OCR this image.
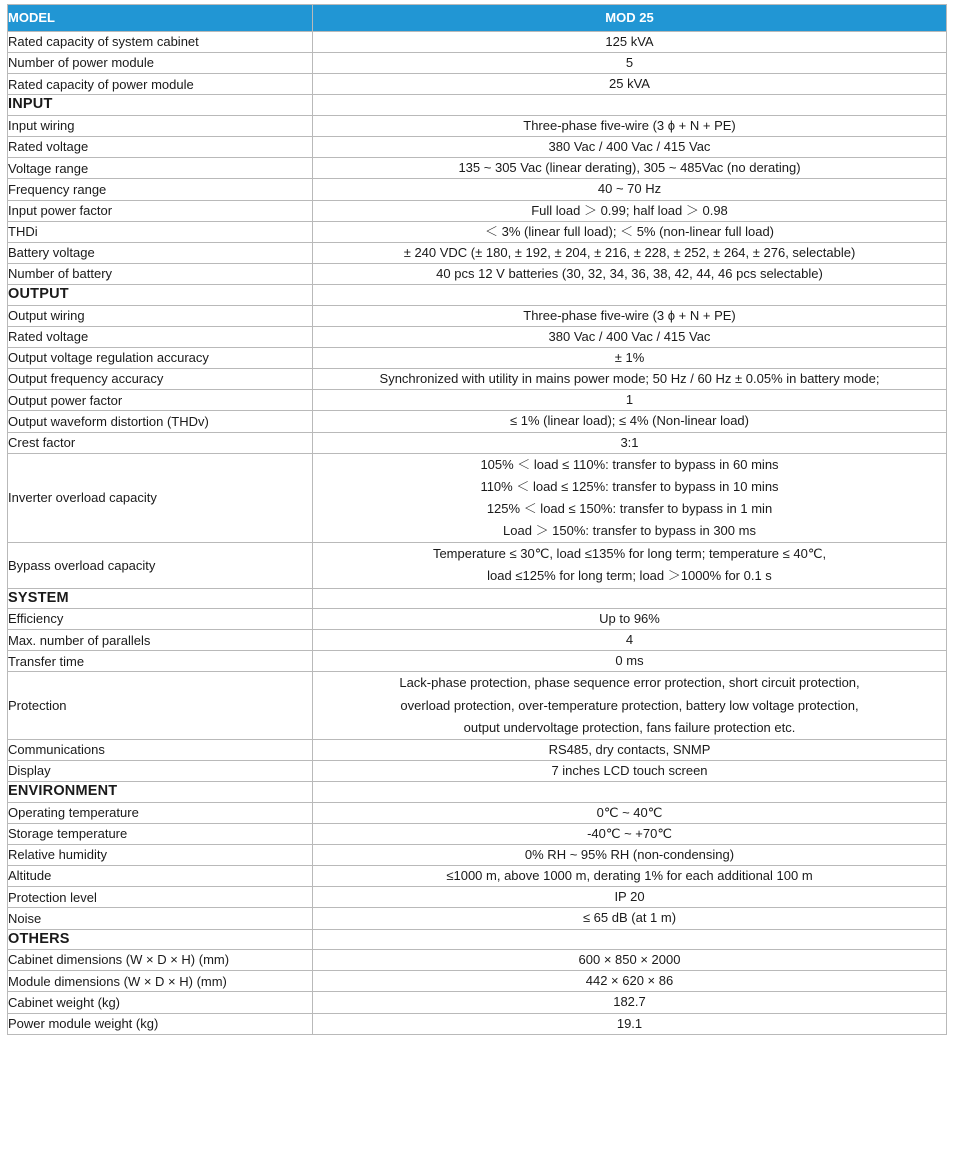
MODEL	MOD 25
Rated capacity of system cabinet	125 kVA
Number of power module	5
Rated capacity of power module	25 kVA
INPUT	
Input wiring	Three-phase five-wire (3 ϕ + N + PE)
Rated voltage	380 Vac / 400 Vac / 415 Vac
Voltage range	135 ~ 305 Vac (linear derating), 305 ~ 485Vac (no derating)
Frequency range	40 ~ 70 Hz
Input power factor	Full load ＞ 0.99; half load ＞ 0.98
THDi	＜ 3% (linear full load); ＜ 5% (non-linear full load)
Battery voltage	± 240 VDC (± 180, ± 192, ± 204, ± 216, ± 228, ± 252, ± 264, ± 276, selectable)
Number of battery	40 pcs 12 V batteries (30, 32, 34, 36, 38, 42, 44, 46 pcs selectable)
OUTPUT	
Output wiring	Three-phase five-wire (3 ϕ + N + PE)
Rated voltage	380 Vac / 400 Vac / 415 Vac
Output voltage regulation accuracy	± 1%
Output frequency accuracy	Synchronized with utility in mains power mode; 50 Hz / 60 Hz ± 0.05% in battery mode;
Output power factor	1
Output waveform distortion (THDv)	≤ 1% (linear load); ≤ 4% (Non-linear load)
Crest factor	3:1
Inverter overload capacity	105% ＜ load ≤ 110%: transfer to bypass in 60 mins
110% ＜ load ≤ 125%: transfer to bypass in 10 mins
125% ＜ load ≤ 150%: transfer to bypass in 1 min
Load ＞ 150%: transfer to bypass in 300 ms

Bypass overload capacity	Temperature ≤ 30℃, load ≤135% for long term; temperature ≤ 40℃,
load ≤125% for long term; load ＞1000% for 0.1 s

SYSTEM	
Efficiency	Up to 96%
Max. number of parallels	4
Transfer time	0 ms
Protection	Lack-phase protection, phase sequence error protection, short circuit protection,
overload protection, over-temperature protection, battery low voltage protection,
output undervoltage protection, fans failure protection etc.

Communications	RS485, dry contacts, SNMP
Display	7 inches LCD touch screen
ENVIRONMENT	
Operating temperature	0℃ ~ 40℃
Storage temperature	-40℃ ~ +70℃
Relative humidity	0% RH ~ 95% RH (non-condensing)
Altitude	≤1000 m, above 1000 m, derating 1% for each additional 100 m
Protection level	IP 20
Noise	≤ 65 dB (at 1 m)
OTHERS	
Cabinet dimensions (W × D × H) (mm)	600 × 850 × 2000
Module dimensions (W × D × H) (mm)	442 × 620 × 86
Cabinet weight (kg)	182.7
Power module weight (kg)	19.1
